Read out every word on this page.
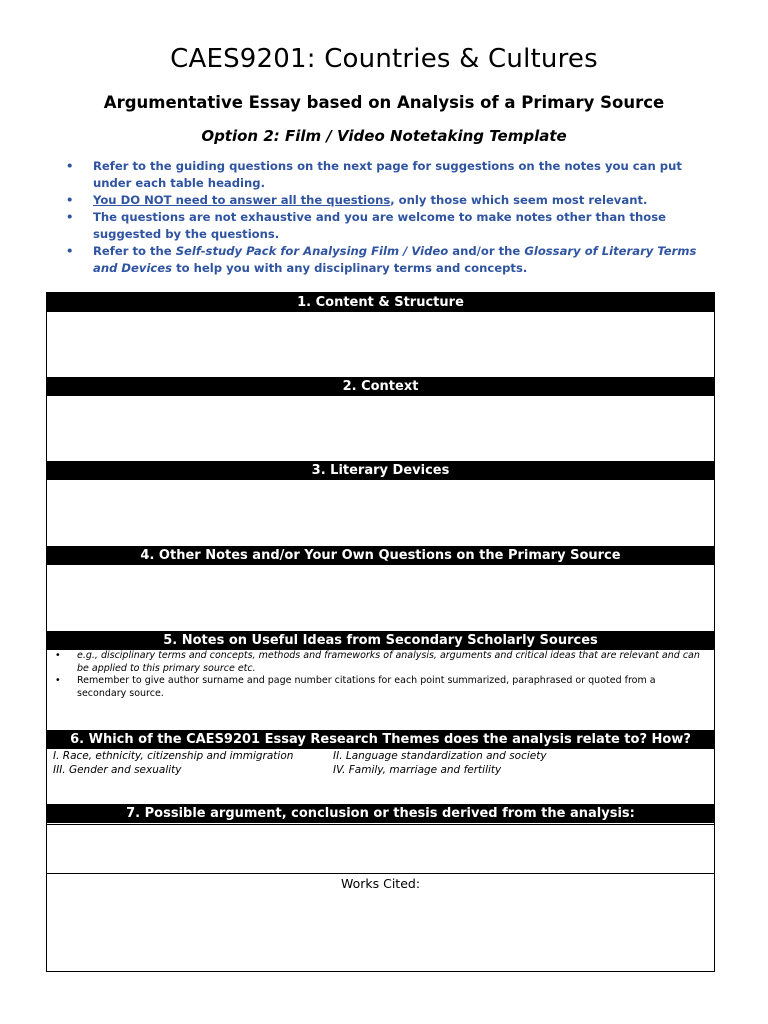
CAES9201: Countries & Cultures
Argumentative Essay based on Analysis of a Primary Source
Option 2: Film / Video Notetaking Template
• Refer to the guiding questions on the next page for suggestions on the notes you can put under each table heading.
• You DO NOT need to answer all the questions, only those which seem most relevant.
• The questions are not exhaustive and you are welcome to make notes other than those suggested by the questions.
• Refer to the Self-study Pack for Analysing Film / Video and/or the Glossary of Literary Terms and Devices to help you with any disciplinary terms and concepts.
1. Content & Structure
2. Context
3. Literary Devices
4. Other Notes and/or Your Own Questions on the Primary Source
5. Notes on Useful Ideas from Secondary Scholarly Sources
• e.g., disciplinary terms and concepts, methods and frameworks of analysis, arguments and critical ideas that are relevant and can be applied to this primary source etc.
• Remember to give author surname and page number citations for each point summarized, paraphrased or quoted from a secondary source.
6. Which of the CAES9201 Essay Research Themes does the analysis relate to? How?
I. Race, ethnicity, citizenship and immigration	II. Language standardization and society
III. Gender and sexuality	IV. Family, marriage and fertility
7. Possible argument, conclusion or thesis derived from the analysis:
Works Cited:
